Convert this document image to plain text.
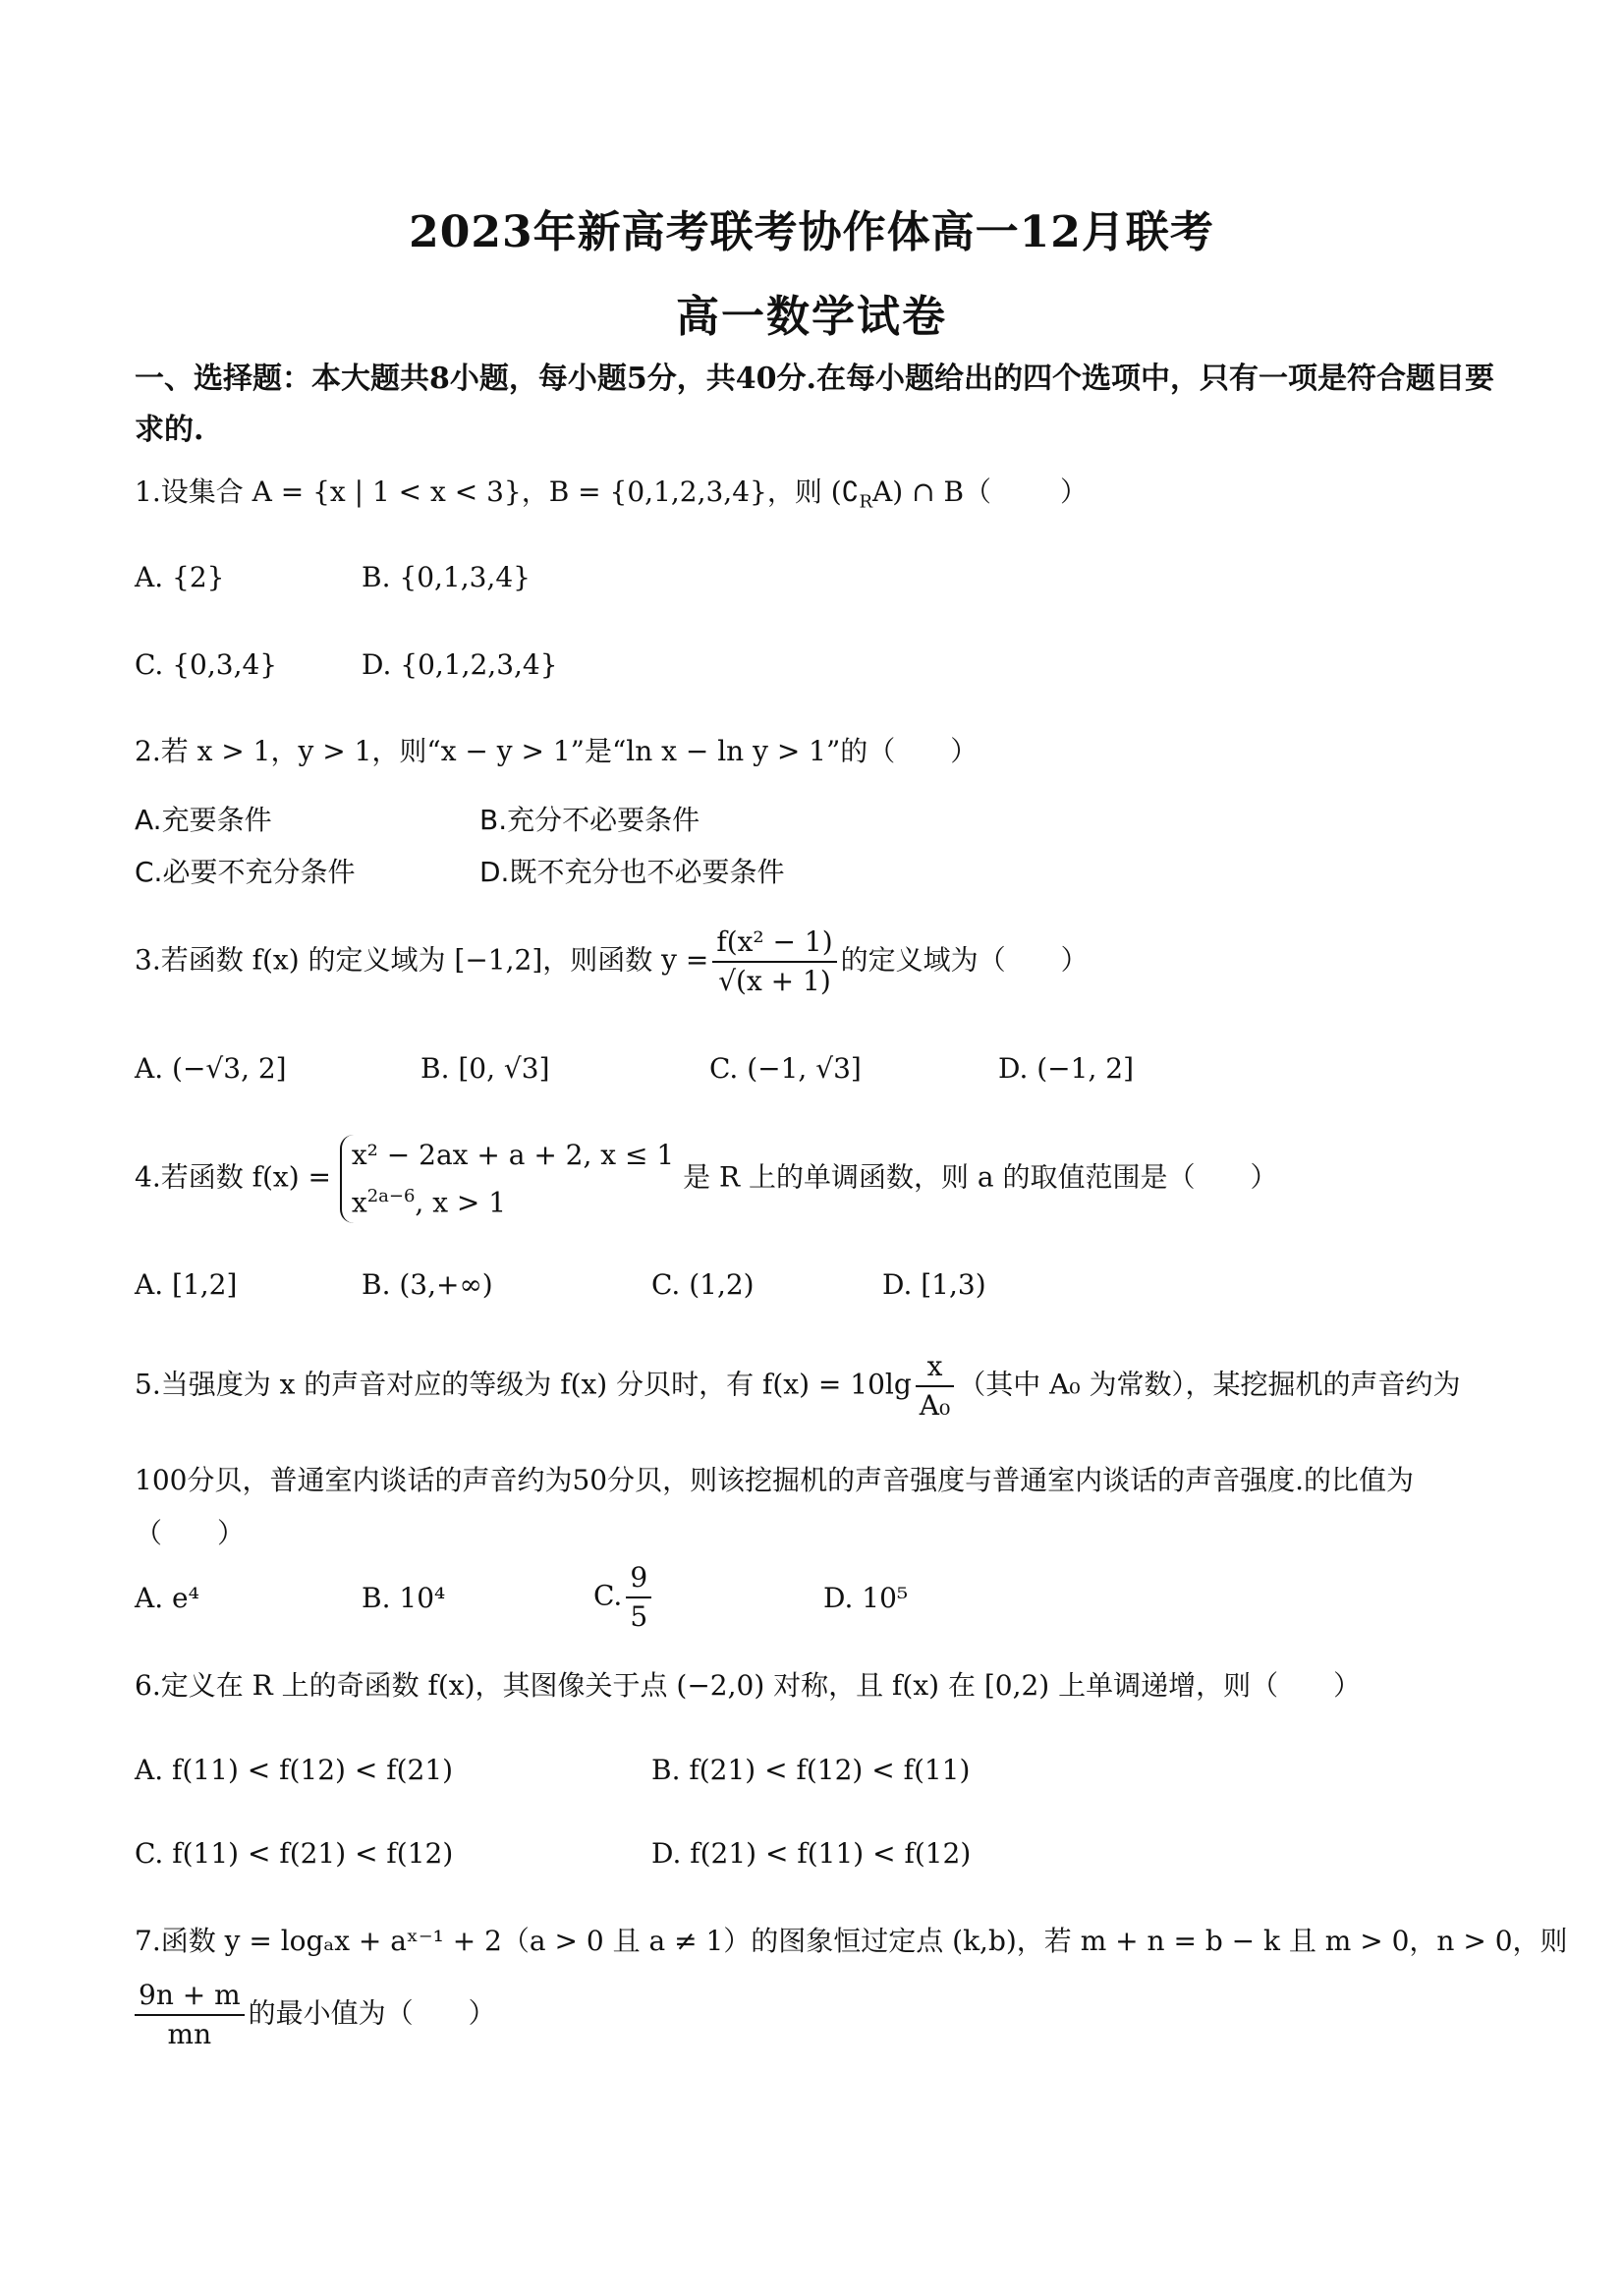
2023年新高考联考协作体高一12月联考
高一数学试卷
一、选择题：本大题共8小题，每小题5分，共40分.在每小题给出的四个选项中，只有一项是符合题目要求的.
1.设集合 A = {x | 1 < x < 3}，B = {0,1,2,3,4}，则 $(∁_RA)$ ∩ B（	）
A. {2}	B. {0,1,3,4}
C. {0,3,4}	D. {0,1,2,3,4}
2.若 x > 1，y > 1，则“x − y > 1”是“ln x − ln y > 1”的（　　）
A.充要条件	B.充分不必要条件
C.必要不充分条件	D.既不充分也不必要条件
3.若函数 f(x) 的定义域为 [−1,2]，则函数 $y = \frac{\text{f(x² − 1)}}{√(x + 1)}$ 的定义域为（　　）
A. (−√3, 2]	B. [0, √3]	C. (−1, √3]	D. (−1, 2]
4.若函数 f(x) =
x² − 2ax + a + 2, x ≤ 1
$x^{2a-6}$, x > 1
是 R 上的单调函数，则 a 的取值范围是（　　）
A. [1,2]	B. (3,+∞)	C. (1,2)	D. [1,3)
5.当强度为 x 的声音对应的等级为 f(x) 分贝时，有 $f(x) = 10\lg \frac{x}{\text{A₀}}$ （其中 A₀ 为常数），某挖掘机的声音约为
100分贝，普通室内谈话的声音约为50分贝，则该挖掘机的声音强度与普通室内谈话的声音强度.的比值为
（　　）
A. e⁴	B. 10⁴	C. $\frac{9}{5}$	D. 10⁵
6.定义在 R 上的奇函数 f(x)，其图像关于点 (−2,0) 对称，且 f(x) 在 [0,2) 上单调递增，则（　　）
A. f(11) < f(12) < f(21)	B. f(21) < f(12) < f(11)
C. f(11) < f(21) < f(12)	D. f(21) < f(11) < f(12)
7.函数 y = logₐx + aˣ⁻¹ + 2（a > 0 且 a ≠ 1）的图象恒过定点 (k,b)，若 m + n = b − k 且 m > 0，n > 0，则
$\frac{9n + m}{mn}$ 的最小值为（　　）
